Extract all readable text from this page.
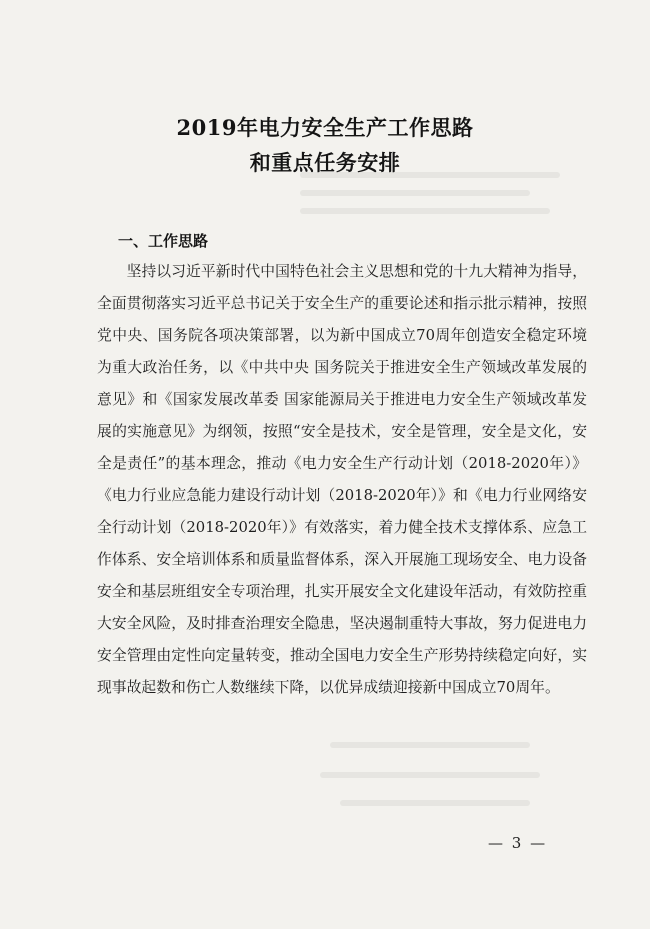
2019年电力安全生产工作思路
和重点任务安排
一、工作思路

坚持以习近平新时代中国特色社会主义思想和党的十九大精神为指导，全面贯彻落实习近平总书记关于安全生产的重要论述和指示批示精神，按照党中央、国务院各项决策部署，以为新中国成立70周年创造安全稳定环境为重大政治任务，以《中共中央 国务院关于推进安全生产领域改革发展的意见》和《国家发展改革委 国家能源局关于推进电力安全生产领域改革发展的实施意见》为纲领，按照“安全是技术，安全是管理，安全是文化，安全是责任”的基本理念，推动《电力安全生产行动计划（2018-2020年）》《电力行业应急能力建设行动计划（2018-2020年）》和《电力行业网络安全行动计划（2018-2020年）》有效落实，着力健全技术支撑体系、应急工作体系、安全培训体系和质量监督体系，深入开展施工现场安全、电力设备安全和基层班组安全专项治理，扎实开展安全文化建设年活动，有效防控重大安全风险，及时排查治理安全隐患，坚决遏制重特大事故，努力促进电力安全管理由定性向定量转变，推动全国电力安全生产形势持续稳定向好，实现事故起数和伤亡人数继续下降，以优异成绩迎接新中国成立70周年。

— 3 —
